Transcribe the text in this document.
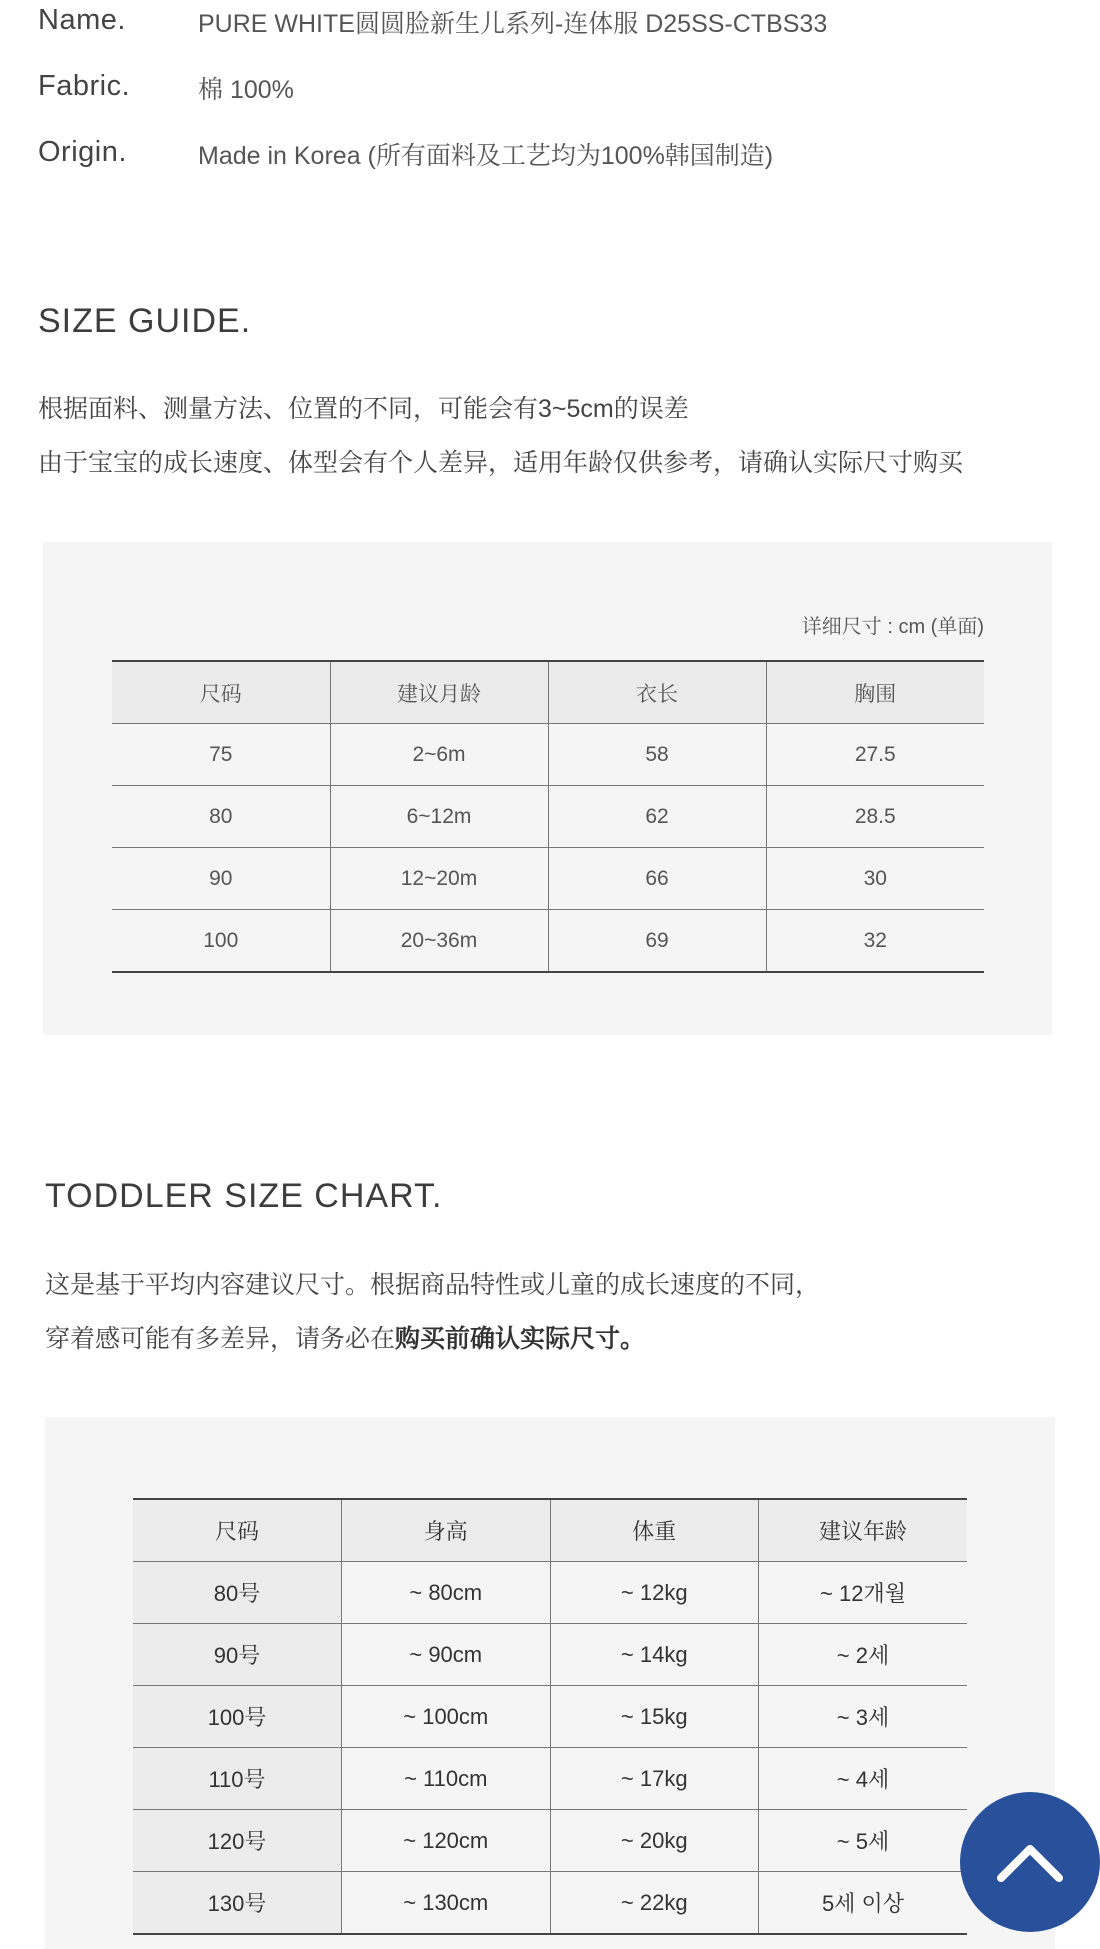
Name.	PURE WHITE圆圆脸新生儿系列-连体服 D25SS-CTBS33
Fabric.	棉 100%
Origin.	Made in Korea (所有面料及工艺均为100%韩国制造)
SIZE GUIDE.
根据面料、测量方法、位置的不同，可能会有3~5cm的误差
由于宝宝的成长速度、体型会有个人差异，适用年龄仅供参考，请确认实际尺寸购买
详细尺寸 : cm (单面)
尺码	建议月龄	衣长	胸围
75	2~6m	58	27.5
80	6~12m	62	28.5
90	12~20m	66	30
100	20~36m	69	32
TODDLER SIZE CHART.
这是基于平均内容建议尺寸。根据商品特性或儿童的成长速度的不同，
穿着感可能有多差异，请务必在购买前确认实际尺寸。
尺码	身高	体重	建议年龄
80号	~ 80cm	~ 12kg	~ 12개월
90号	~ 90cm	~ 14kg	~ 2세
100号	~ 100cm	~ 15kg	~ 3세
110号	~ 110cm	~ 17kg	~ 4세
120号	~ 120cm	~ 20kg	~ 5세
130号	~ 130cm	~ 22kg	5세 이상
